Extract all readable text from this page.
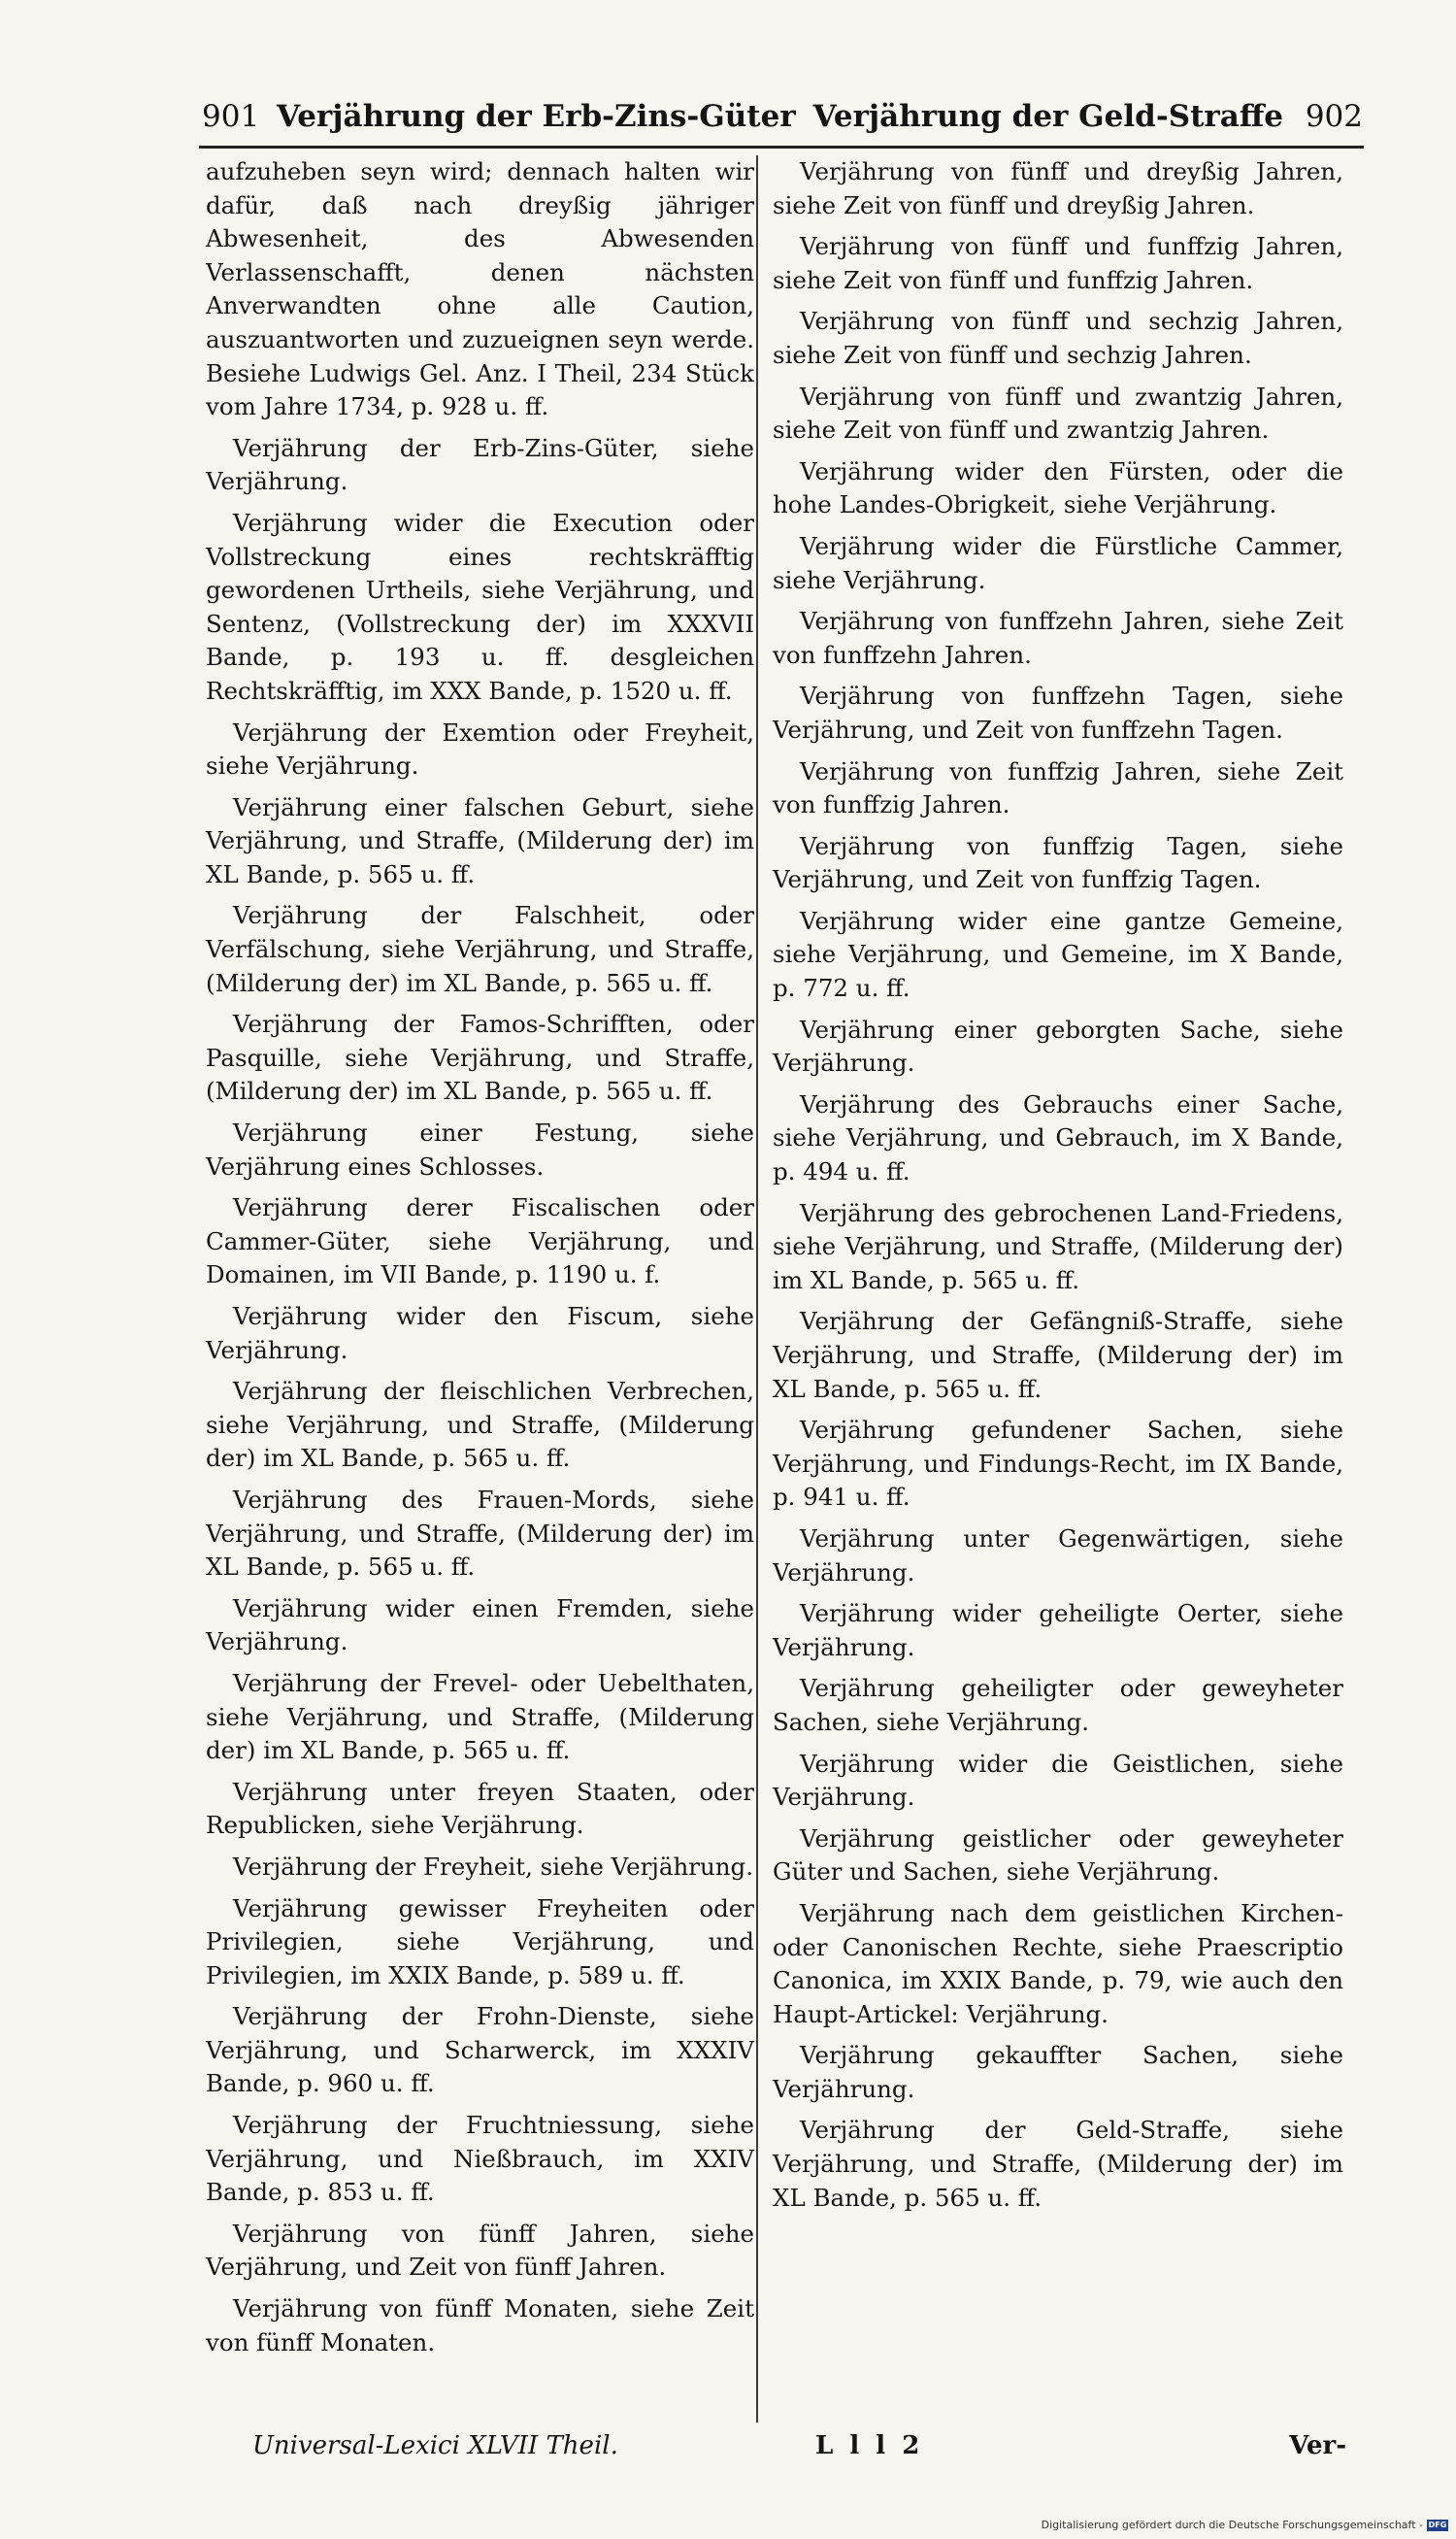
901 Verjährung der Erb-Zins-Güter Verjährung der Geld-Straffe 902

aufzuheben seyn wird; dennach halten wir dafür, daß nach dreyßig jähriger Abwesenheit, des Abwesenden Verlassenschafft, denen nächsten Anverwandten ohne alle Caution, auszuantworten und zuzueignen seyn werde. Besiehe Ludwigs Gel. Anz. I Theil, 234 Stück vom Jahre 1734, p. 928 u. ff.

Verjährung der Erb-Zins-Güter, siehe Verjährung.

Verjährung wider die Execution oder Vollstreckung eines rechtskräfftig gewordenen Urtheils, siehe Verjährung, und Sentenz, (Vollstreckung der) im XXXVII Bande, p. 193 u. ff. desgleichen Rechtskräfftig, im XXX Bande, p. 1520 u. ff.

Verjährung der Exemtion oder Freyheit, siehe Verjährung.

Verjährung einer falschen Geburt, siehe Verjährung, und Straffe, (Milderung der) im XL Bande, p. 565 u. ff.

Verjährung der Falschheit, oder Verfälschung, siehe Verjährung, und Straffe, (Milderung der) im XL Bande, p. 565 u. ff.

Verjährung der Famos-Schrifften, oder Pasquille, siehe Verjährung, und Straffe, (Milderung der) im XL Bande, p. 565 u. ff.

Verjährung einer Festung, siehe Verjährung eines Schlosses.

Verjährung derer Fiscalischen oder Cammer-Güter, siehe Verjährung, und Domainen, im VII Bande, p. 1190 u. f.

Verjährung wider den Fiscum, siehe Verjährung.

Verjährung der fleischlichen Verbrechen, siehe Verjährung, und Straffe, (Milderung der) im XL Bande, p. 565 u. ff.

Verjährung des Frauen-Mords, siehe Verjährung, und Straffe, (Milderung der) im XL Bande, p. 565 u. ff.

Verjährung wider einen Fremden, siehe Verjährung.

Verjährung der Frevel- oder Uebelthaten, siehe Verjährung, und Straffe, (Milderung der) im XL Bande, p. 565 u. ff.

Verjährung unter freyen Staaten, oder Republicken, siehe Verjährung.

Verjährung der Freyheit, siehe Verjährung.

Verjährung gewisser Freyheiten oder Privilegien, siehe Verjährung, und Privilegien, im XXIX Bande, p. 589 u. ff.

Verjährung der Frohn-Dienste, siehe Verjährung, und Scharwerck, im XXXIV Bande, p. 960 u. ff.

Verjährung der Fruchtniessung, siehe Verjährung, und Nießbrauch, im XXIV Bande, p. 853 u. ff.

Verjährung von fünff Jahren, siehe Verjährung, und Zeit von fünff Jahren.

Verjährung von fünff Monaten, siehe Zeit von fünff Monaten.

Verjährung von fünff und dreyßig Jahren, siehe Zeit von fünff und dreyßig Jahren.

Verjährung von fünff und funffzig Jahren, siehe Zeit von fünff und funffzig Jahren.

Verjährung von fünff und sechzig Jahren, siehe Zeit von fünff und sechzig Jahren.

Verjährung von fünff und zwantzig Jahren, siehe Zeit von fünff und zwantzig Jahren.

Verjährung wider den Fürsten, oder die hohe Landes-Obrigkeit, siehe Verjährung.

Verjährung wider die Fürstliche Cammer, siehe Verjährung.

Verjährung von funffzehn Jahren, siehe Zeit von funffzehn Jahren.

Verjährung von funffzehn Tagen, siehe Verjährung, und Zeit von funffzehn Tagen.

Verjährung von funffzig Jahren, siehe Zeit von funffzig Jahren.

Verjährung von funffzig Tagen, siehe Verjährung, und Zeit von funffzig Tagen.

Verjährung wider eine gantze Gemeine, siehe Verjährung, und Gemeine, im X Bande, p. 772 u. ff.

Verjährung einer geborgten Sache, siehe Verjährung.

Verjährung des Gebrauchs einer Sache, siehe Verjährung, und Gebrauch, im X Bande, p. 494 u. ff.

Verjährung des gebrochenen Land-Friedens, siehe Verjährung, und Straffe, (Milderung der) im XL Bande, p. 565 u. ff.

Verjährung der Gefängniß-Straffe, siehe Verjährung, und Straffe, (Milderung der) im XL Bande, p. 565 u. ff.

Verjährung gefundener Sachen, siehe Verjährung, und Findungs-Recht, im IX Bande, p. 941 u. ff.

Verjährung unter Gegenwärtigen, siehe Verjährung.

Verjährung wider geheiligte Oerter, siehe Verjährung.

Verjährung geheiligter oder geweyheter Sachen, siehe Verjährung.

Verjährung wider die Geistlichen, siehe Verjährung.

Verjährung geistlicher oder geweyheter Güter und Sachen, siehe Verjährung.

Verjährung nach dem geistlichen Kirchen- oder Canonischen Rechte, siehe Praescriptio Canonica, im XXIX Bande, p. 79, wie auch den Haupt-Artickel: Verjährung.

Verjährung gekauffter Sachen, siehe Verjährung.

Verjährung der Geld-Straffe, siehe Verjährung, und Straffe, (Milderung der) im XL Bande, p. 565 u. ff.

Universal-Lexici XLVII Theil.	L l l 2	Ver-
Digitalisierung gefördert durch die Deutsche Forschungsgemeinschaft - DFG
